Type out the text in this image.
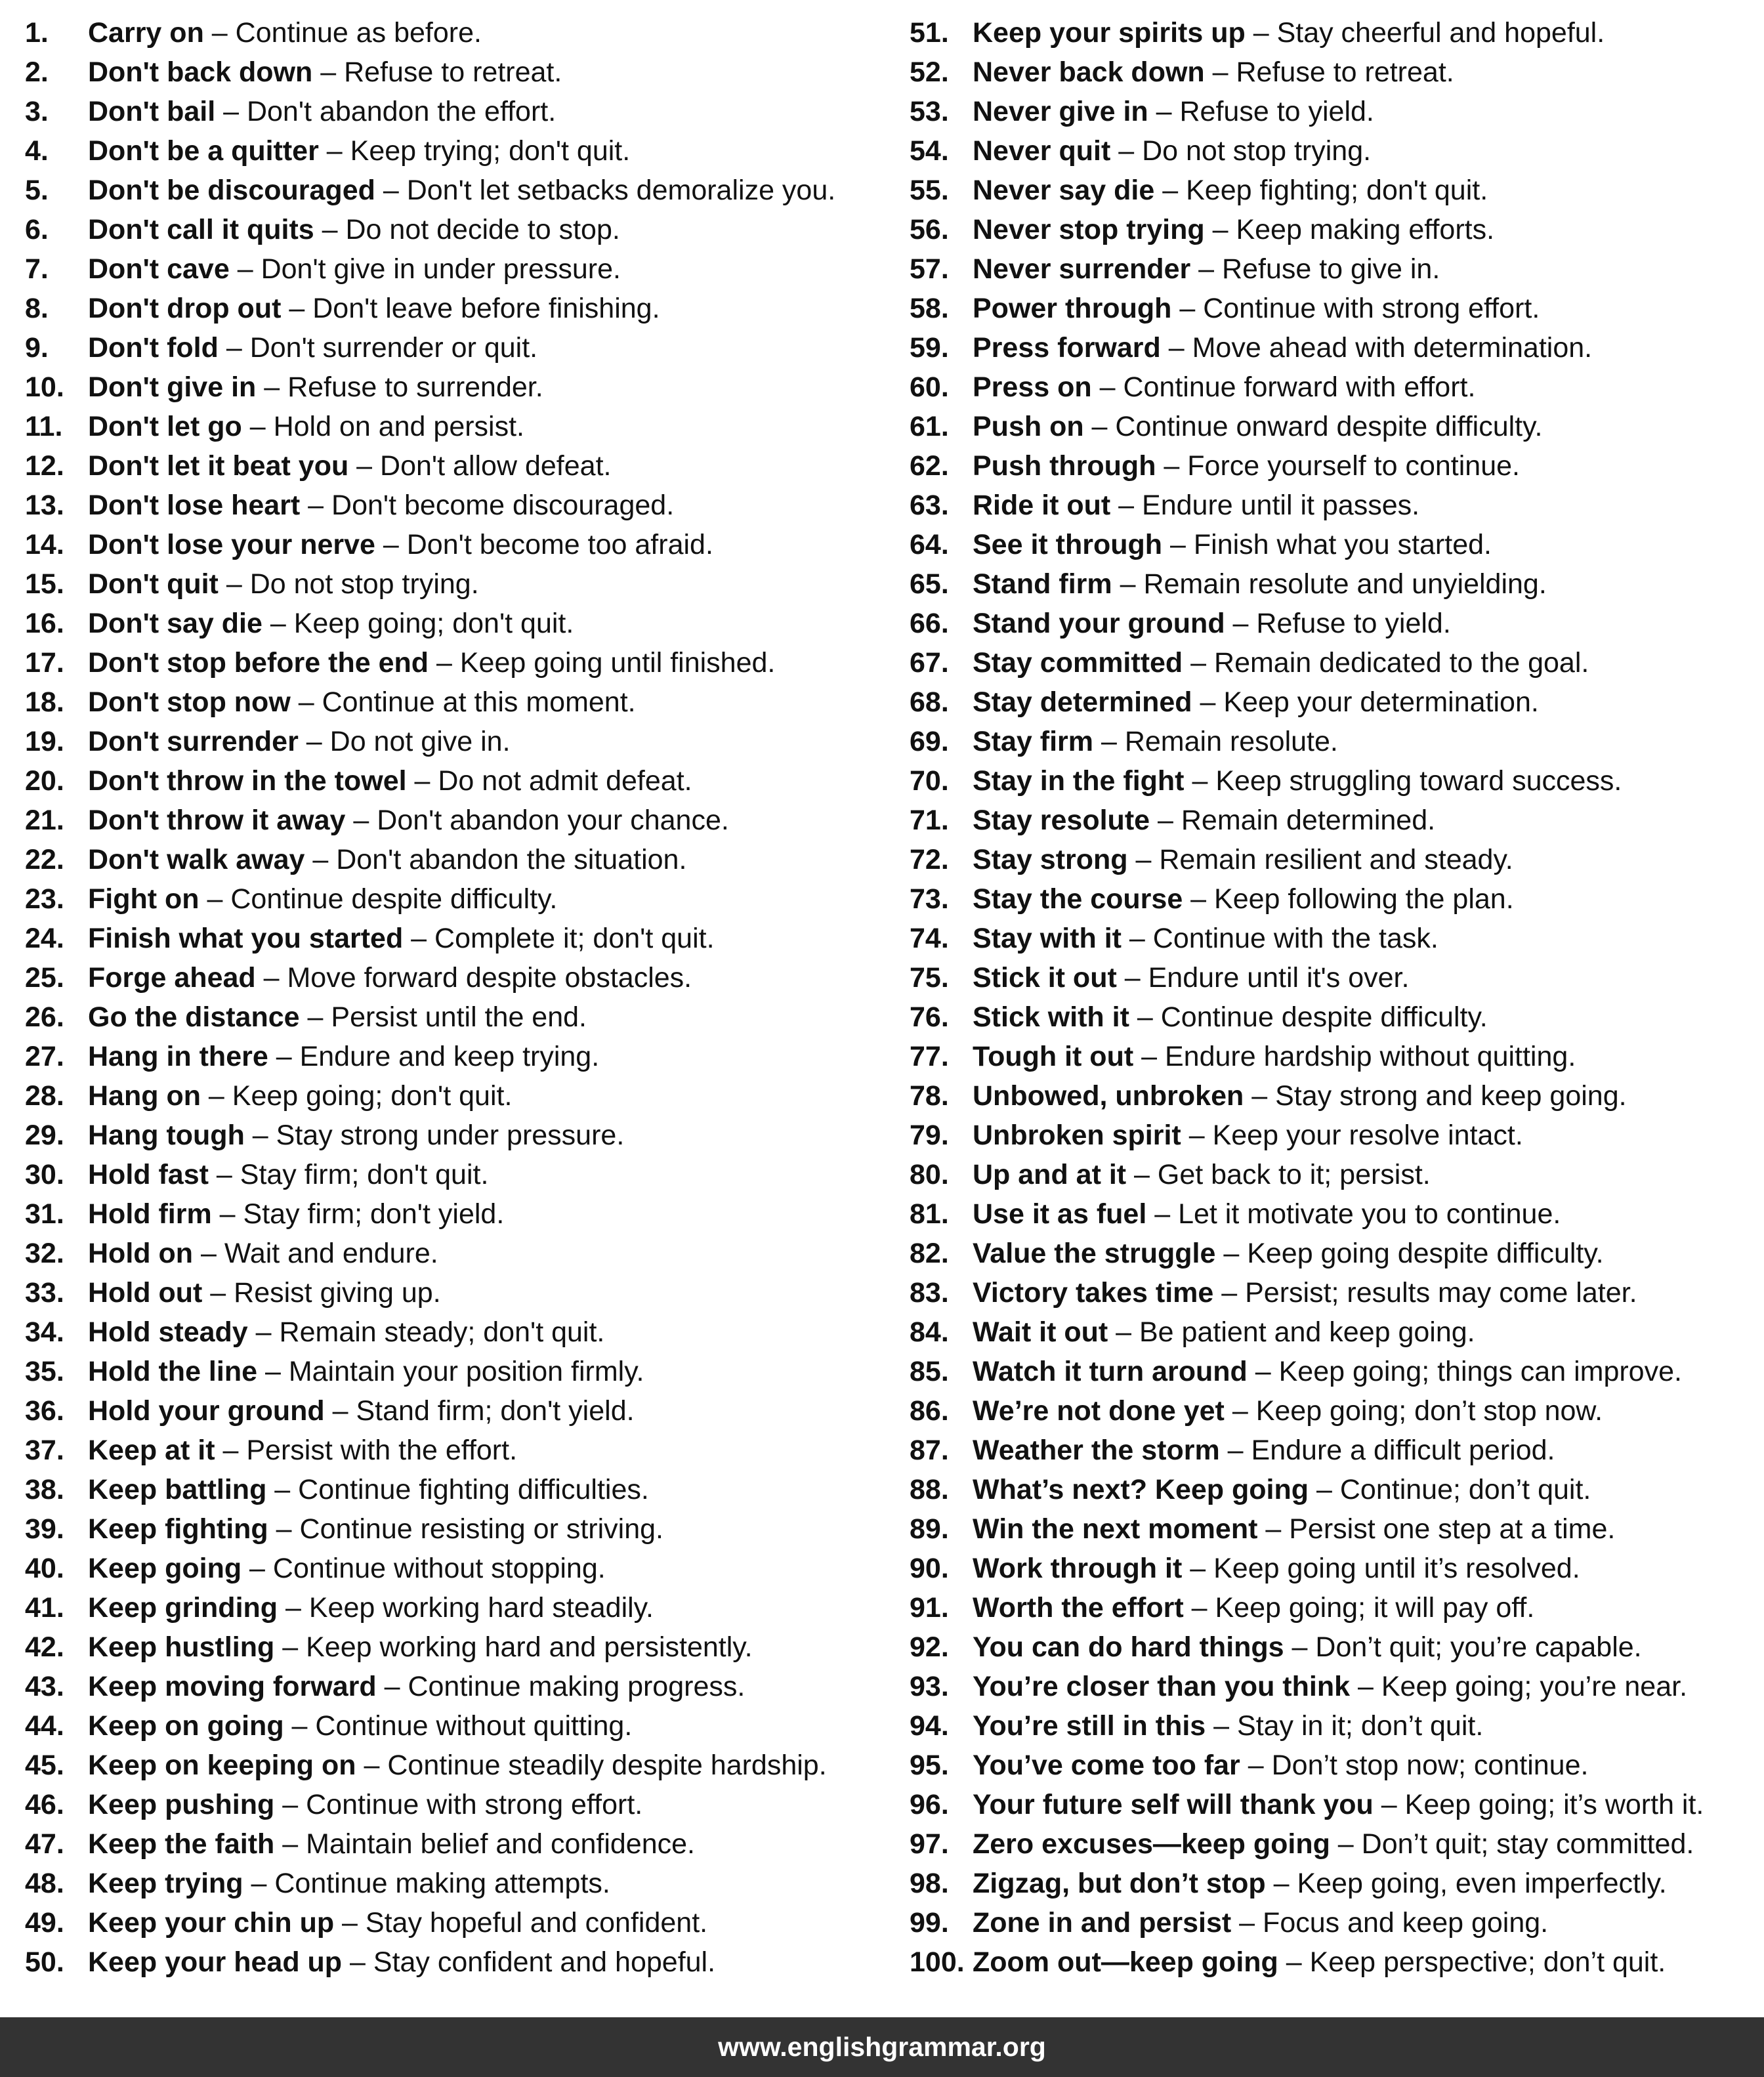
1. Carry on – Continue as before.
2. Don't back down – Refuse to retreat.
3. Don't bail – Don't abandon the effort.
4. Don't be a quitter – Keep trying; don't quit.
5. Don't be discouraged – Don't let setbacks demoralize you.
6. Don't call it quits – Do not decide to stop.
7. Don't cave – Don't give in under pressure.
8. Don't drop out – Don't leave before finishing.
9. Don't fold – Don't surrender or quit.
10. Don't give in – Refuse to surrender.
11. Don't let go – Hold on and persist.
12. Don't let it beat you – Don't allow defeat.
13. Don't lose heart – Don't become discouraged.
14. Don't lose your nerve – Don't become too afraid.
15. Don't quit – Do not stop trying.
16. Don't say die – Keep going; don't quit.
17. Don't stop before the end – Keep going until finished.
18. Don't stop now – Continue at this moment.
19. Don't surrender – Do not give in.
20. Don't throw in the towel – Do not admit defeat.
21. Don't throw it away – Don't abandon your chance.
22. Don't walk away – Don't abandon the situation.
23. Fight on – Continue despite difficulty.
24. Finish what you started – Complete it; don't quit.
25. Forge ahead – Move forward despite obstacles.
26. Go the distance – Persist until the end.
27. Hang in there – Endure and keep trying.
28. Hang on – Keep going; don't quit.
29. Hang tough – Stay strong under pressure.
30. Hold fast – Stay firm; don't quit.
31. Hold firm – Stay firm; don't yield.
32. Hold on – Wait and endure.
33. Hold out – Resist giving up.
34. Hold steady – Remain steady; don't quit.
35. Hold the line – Maintain your position firmly.
36. Hold your ground – Stand firm; don't yield.
37. Keep at it – Persist with the effort.
38. Keep battling – Continue fighting difficulties.
39. Keep fighting – Continue resisting or striving.
40. Keep going – Continue without stopping.
41. Keep grinding – Keep working hard steadily.
42. Keep hustling – Keep working hard and persistently.
43. Keep moving forward – Continue making progress.
44. Keep on going – Continue without quitting.
45. Keep on keeping on – Continue steadily despite hardship.
46. Keep pushing – Continue with strong effort.
47. Keep the faith – Maintain belief and confidence.
48. Keep trying – Continue making attempts.
49. Keep your chin up – Stay hopeful and confident.
50. Keep your head up – Stay confident and hopeful.
51. Keep your spirits up – Stay cheerful and hopeful.
52. Never back down – Refuse to retreat.
53. Never give in – Refuse to yield.
54. Never quit – Do not stop trying.
55. Never say die – Keep fighting; don't quit.
56. Never stop trying – Keep making efforts.
57. Never surrender – Refuse to give in.
58. Power through – Continue with strong effort.
59. Press forward – Move ahead with determination.
60. Press on – Continue forward with effort.
61. Push on – Continue onward despite difficulty.
62. Push through – Force yourself to continue.
63. Ride it out – Endure until it passes.
64. See it through – Finish what you started.
65. Stand firm – Remain resolute and unyielding.
66. Stand your ground – Refuse to yield.
67. Stay committed – Remain dedicated to the goal.
68. Stay determined – Keep your determination.
69. Stay firm – Remain resolute.
70. Stay in the fight – Keep struggling toward success.
71. Stay resolute – Remain determined.
72. Stay strong – Remain resilient and steady.
73. Stay the course – Keep following the plan.
74. Stay with it – Continue with the task.
75. Stick it out – Endure until it's over.
76. Stick with it – Continue despite difficulty.
77. Tough it out – Endure hardship without quitting.
78. Unbowed, unbroken – Stay strong and keep going.
79. Unbroken spirit – Keep your resolve intact.
80. Up and at it – Get back to it; persist.
81. Use it as fuel – Let it motivate you to continue.
82. Value the struggle – Keep going despite difficulty.
83. Victory takes time – Persist; results may come later.
84. Wait it out – Be patient and keep going.
85. Watch it turn around – Keep going; things can improve.
86. We’re not done yet – Keep going; don’t stop now.
87. Weather the storm – Endure a difficult period.
88. What’s next? Keep going – Continue; don’t quit.
89. Win the next moment – Persist one step at a time.
90. Work through it – Keep going until it’s resolved.
91. Worth the effort – Keep going; it will pay off.
92. You can do hard things – Don’t quit; you’re capable.
93. You’re closer than you think – Keep going; you’re near.
94. You’re still in this – Stay in it; don’t quit.
95. You’ve come too far – Don’t stop now; continue.
96. Your future self will thank you – Keep going; it’s worth it.
97. Zero excuses—keep going – Don’t quit; stay committed.
98. Zigzag, but don’t stop – Keep going, even imperfectly.
99. Zone in and persist – Focus and keep going.
100. Zoom out—keep going – Keep perspective; don’t quit.
www.englishgrammar.org
